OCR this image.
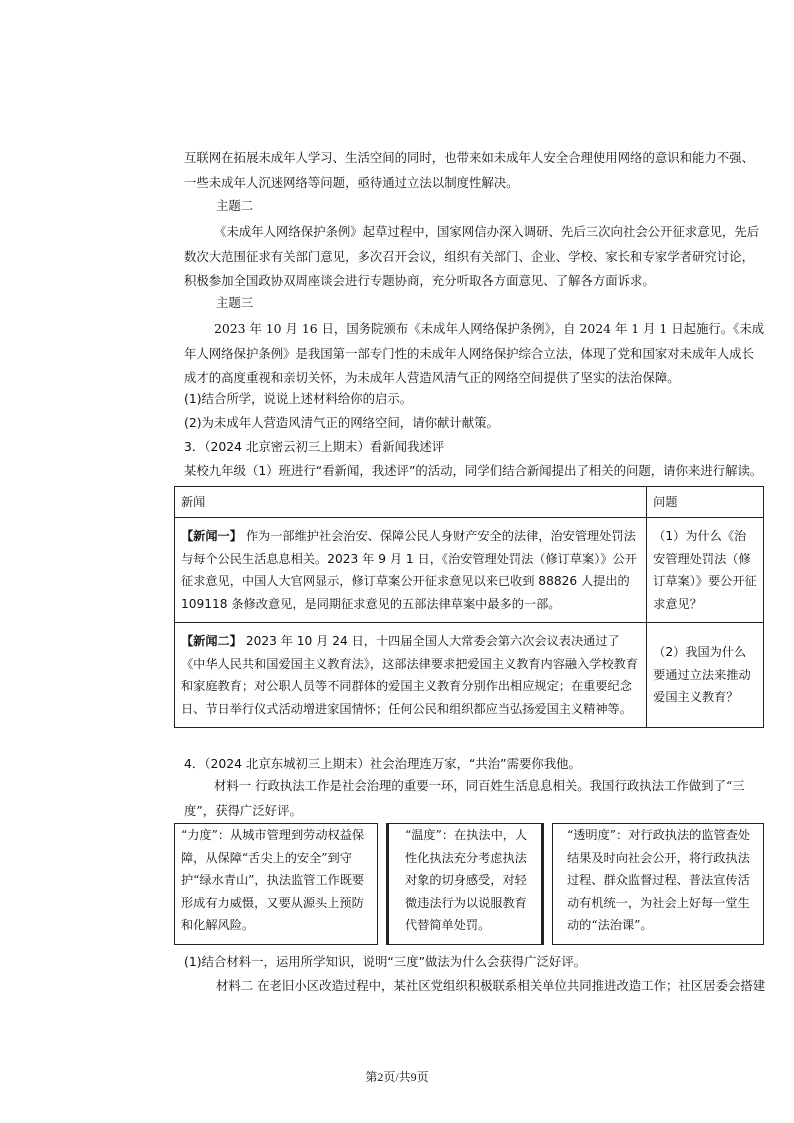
互联网在拓展未成年人学习、生活空间的同时，也带来如未成年人安全合理使用网络的意识和能力不强、一些未成年人沉迷网络等问题，亟待通过立法以制度性解决。
主题二
《未成年人网络保护条例》起草过程中，国家网信办深入调研、先后三次向社会公开征求意见，先后数次大范围征求有关部门意见，多次召开会议，组织有关部门、企业、学校、家长和专家学者研究讨论，积极参加全国政协双周座谈会进行专题协商，充分听取各方面意见、了解各方面诉求。
主题三
2023 年 10 月 16 日，国务院颁布《未成年人网络保护条例》，自 2024 年 1 月 1 日起施行。《未成年人网络保护条例》是我国第一部专门性的未成年人网络保护综合立法，体现了党和国家对未成年人成长成才的高度重视和亲切关怀，为未成年人营造风清气正的网络空间提供了坚实的法治保障。
(1)结合所学，说说上述材料给你的启示。
(2)为未成年人营造风清气正的网络空间，请你献计献策。
3．（2024 北京密云初三上期末）看新闻我述评
某校九年级（1）班进行“看新闻，我述评”的活动，同学们结合新闻提出了相关的问题，请你来进行解读。
新闻	问题
【新闻一】 作为一部维护社会治安、保障公民人身财产安全的法律，治安管理处罚法与每个公民生活息息相关。2023 年 9 月 1 日，《治安管理处罚法（修订草案）》公开征求意见，中国人大官网显示，修订草案公开征求意见以来已收到 88826 人提出的 109118 条修改意见，是同期征求意见的五部法律草案中最多的一部。	（1）为什么《治安管理处罚法（修订草案）》要公开征求意见？
【新闻二】 2023 年 10 月 24 日，十四届全国人大常委会第六次会议表决通过了《中华人民共和国爱国主义教育法》，这部法律要求把爱国主义教育内容融入学校教育和家庭教育；对公职人员等不同群体的爱国主义教育分别作出相应规定；在重要纪念日、节日举行仪式活动增进家国情怀；任何公民和组织都应当弘扬爱国主义精神等。	（2）我国为什么要通过立法来推动爱国主义教育？
4．（2024 北京东城初三上期末）社会治理连万家，“共治”需要你我他。
材料一 行政执法工作是社会治理的重要一环，同百姓生活息息相关。我国行政执法工作做到了“三度”，获得广泛好评。
“力度”：从城市管理到劳动权益保障，从保障“舌尖上的安全”到守护“绿水青山”，执法监管工作既要形成有力威慑，又要从源头上预防和化解风险。
“温度”：在执法中，人性化执法充分考虑执法对象的切身感受，对轻微违法行为以说服教育代替简单处罚。
“透明度”：对行政执法的监管查处结果及时向社会公开，将行政执法过程、群众监督过程、普法宣传活动有机统一，为社会上好每一堂生动的“法治课”。
(1)结合材料一，运用所学知识，说明“三度”做法为什么会获得广泛好评。
材料二 在老旧小区改造过程中，某社区党组织积极联系相关单位共同推进改造工作；社区居委会搭建
第2页/共9页
